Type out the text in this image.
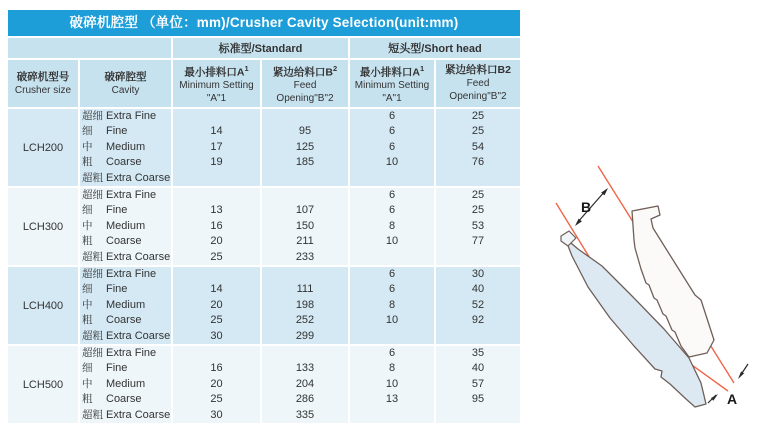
破碎机腔型 （单位：mm)/Crusher Cavity Selection(unit:mm)
标准型/Standard	短头型/Short head
破碎机型号
Crusher size
破碎腔型
Cavity
最小排料口$A^1$
Minimum Setting
"A"1
紧边给料口$B^2$
Feed
Opening"B"2
最小排料口$A^1$
Minimum Setting
"A"1
紧边给料口B2
Feed
Opening"B"2
LCH200
超细 Extra Fine
细 Fine
中 Medium
粗 Coarse
超粗 Extra Coarse
14
17
19
95
125
185
6
6
6
10
25
25
54
76
LCH300
超细 Extra Fine
细 Fine
中 Medium
粗 Coarse
超粗 Extra Coarse
13
16
20
25
107
150
211
233
6
6
8
10
25
25
53
77
LCH400
超细 Extra Fine
细 Fine
中 Medium
粗 Coarse
超粗 Extra Coarse
14
20
25
30
111
198
252
299
6
6
8
10
30
40
52
92
LCH500
超细 Extra Fine
细 Fine
中 Medium
粗 Coarse
超粗 Extra Coarse
16
20
25
30
133
204
286
335
6
8
10
13
35
40
57
95
B
A
